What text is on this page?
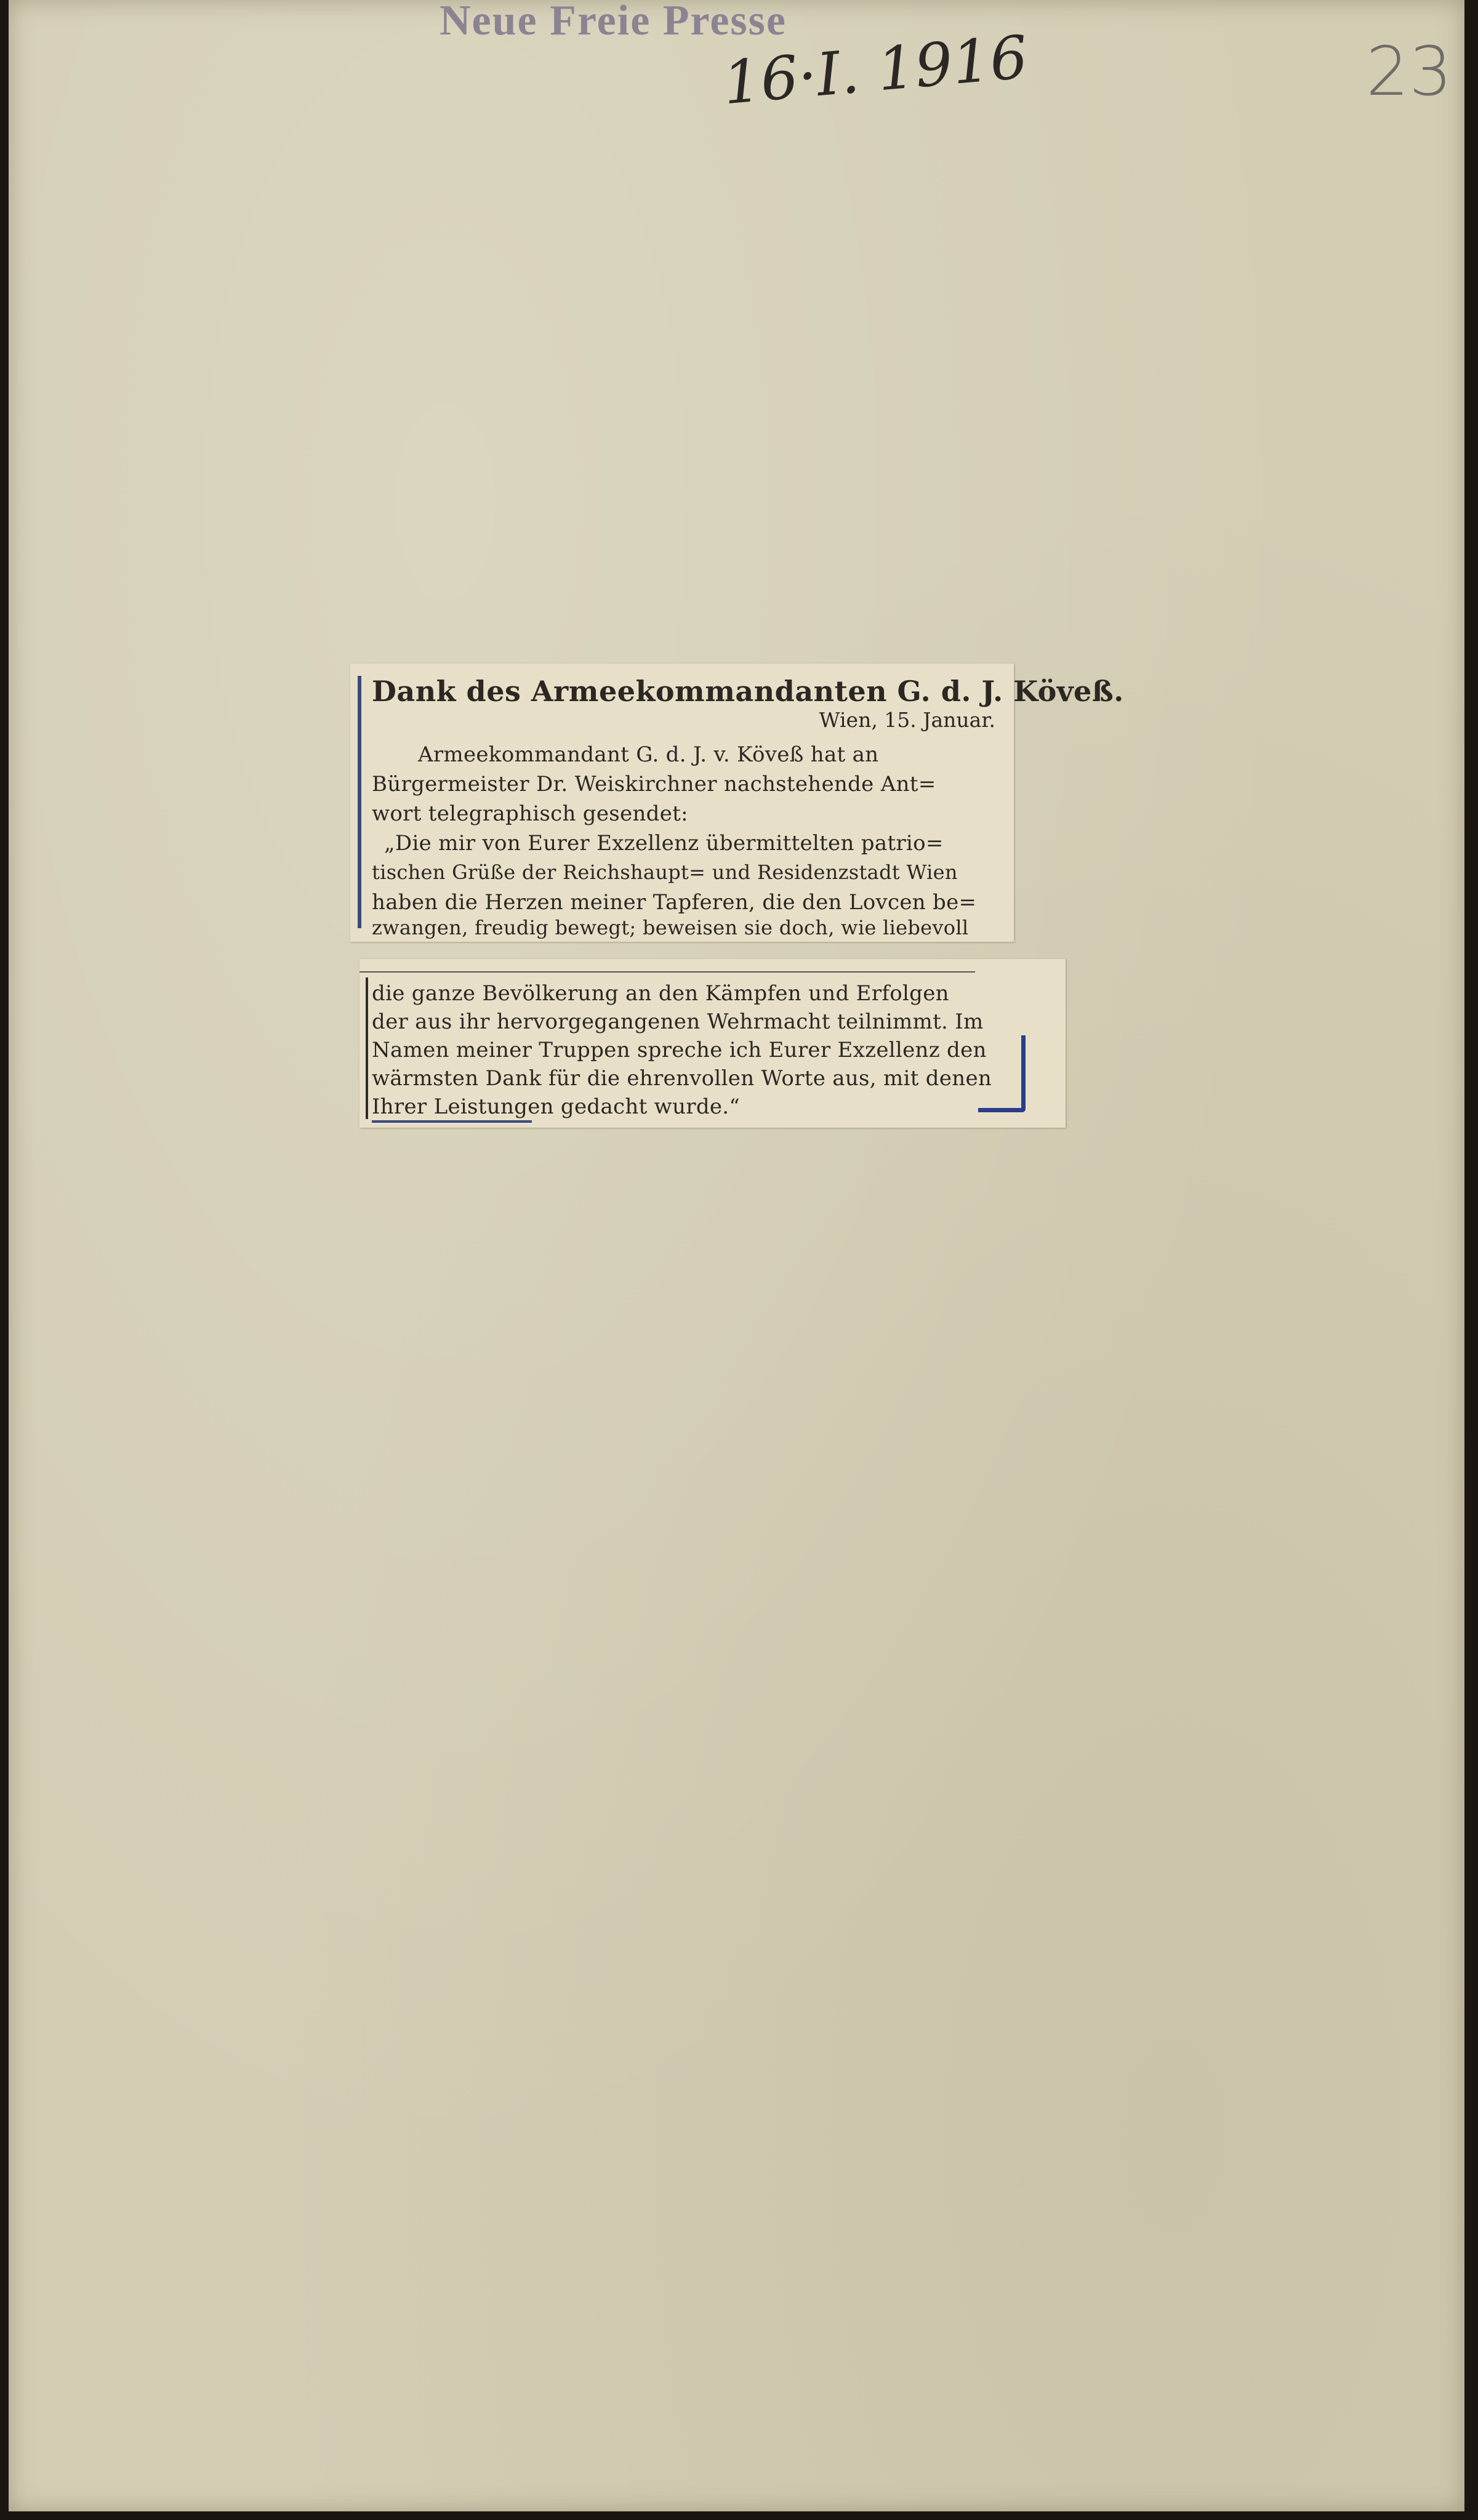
Neue Freie Presse
16·I. 1916	23
Dank des Armeekommandanten G. d. J. Köveß.
Wien, 15. Januar.
Armeekommandant G. d. J. v. Köveß hat an
Bürgermeister Dr. Weiskirchner nachstehende Ant=
wort telegraphisch gesendet:
„Die mir von Eurer Exzellenz übermittelten patrio=
tischen Grüße der Reichshaupt= und Residenzstadt Wien
haben die Herzen meiner Tapferen, die den Lovcen be=
zwangen, freudig bewegt; beweisen sie doch, wie liebevoll
die ganze Bevölkerung an den Kämpfen und Erfolgen
der aus ihr hervorgegangenen Wehrmacht teilnimmt. Im
Namen meiner Truppen spreche ich Eurer Exzellenz den
wärmsten Dank für die ehrenvollen Worte aus, mit denen
Ihrer Leistungen gedacht wurde.“
